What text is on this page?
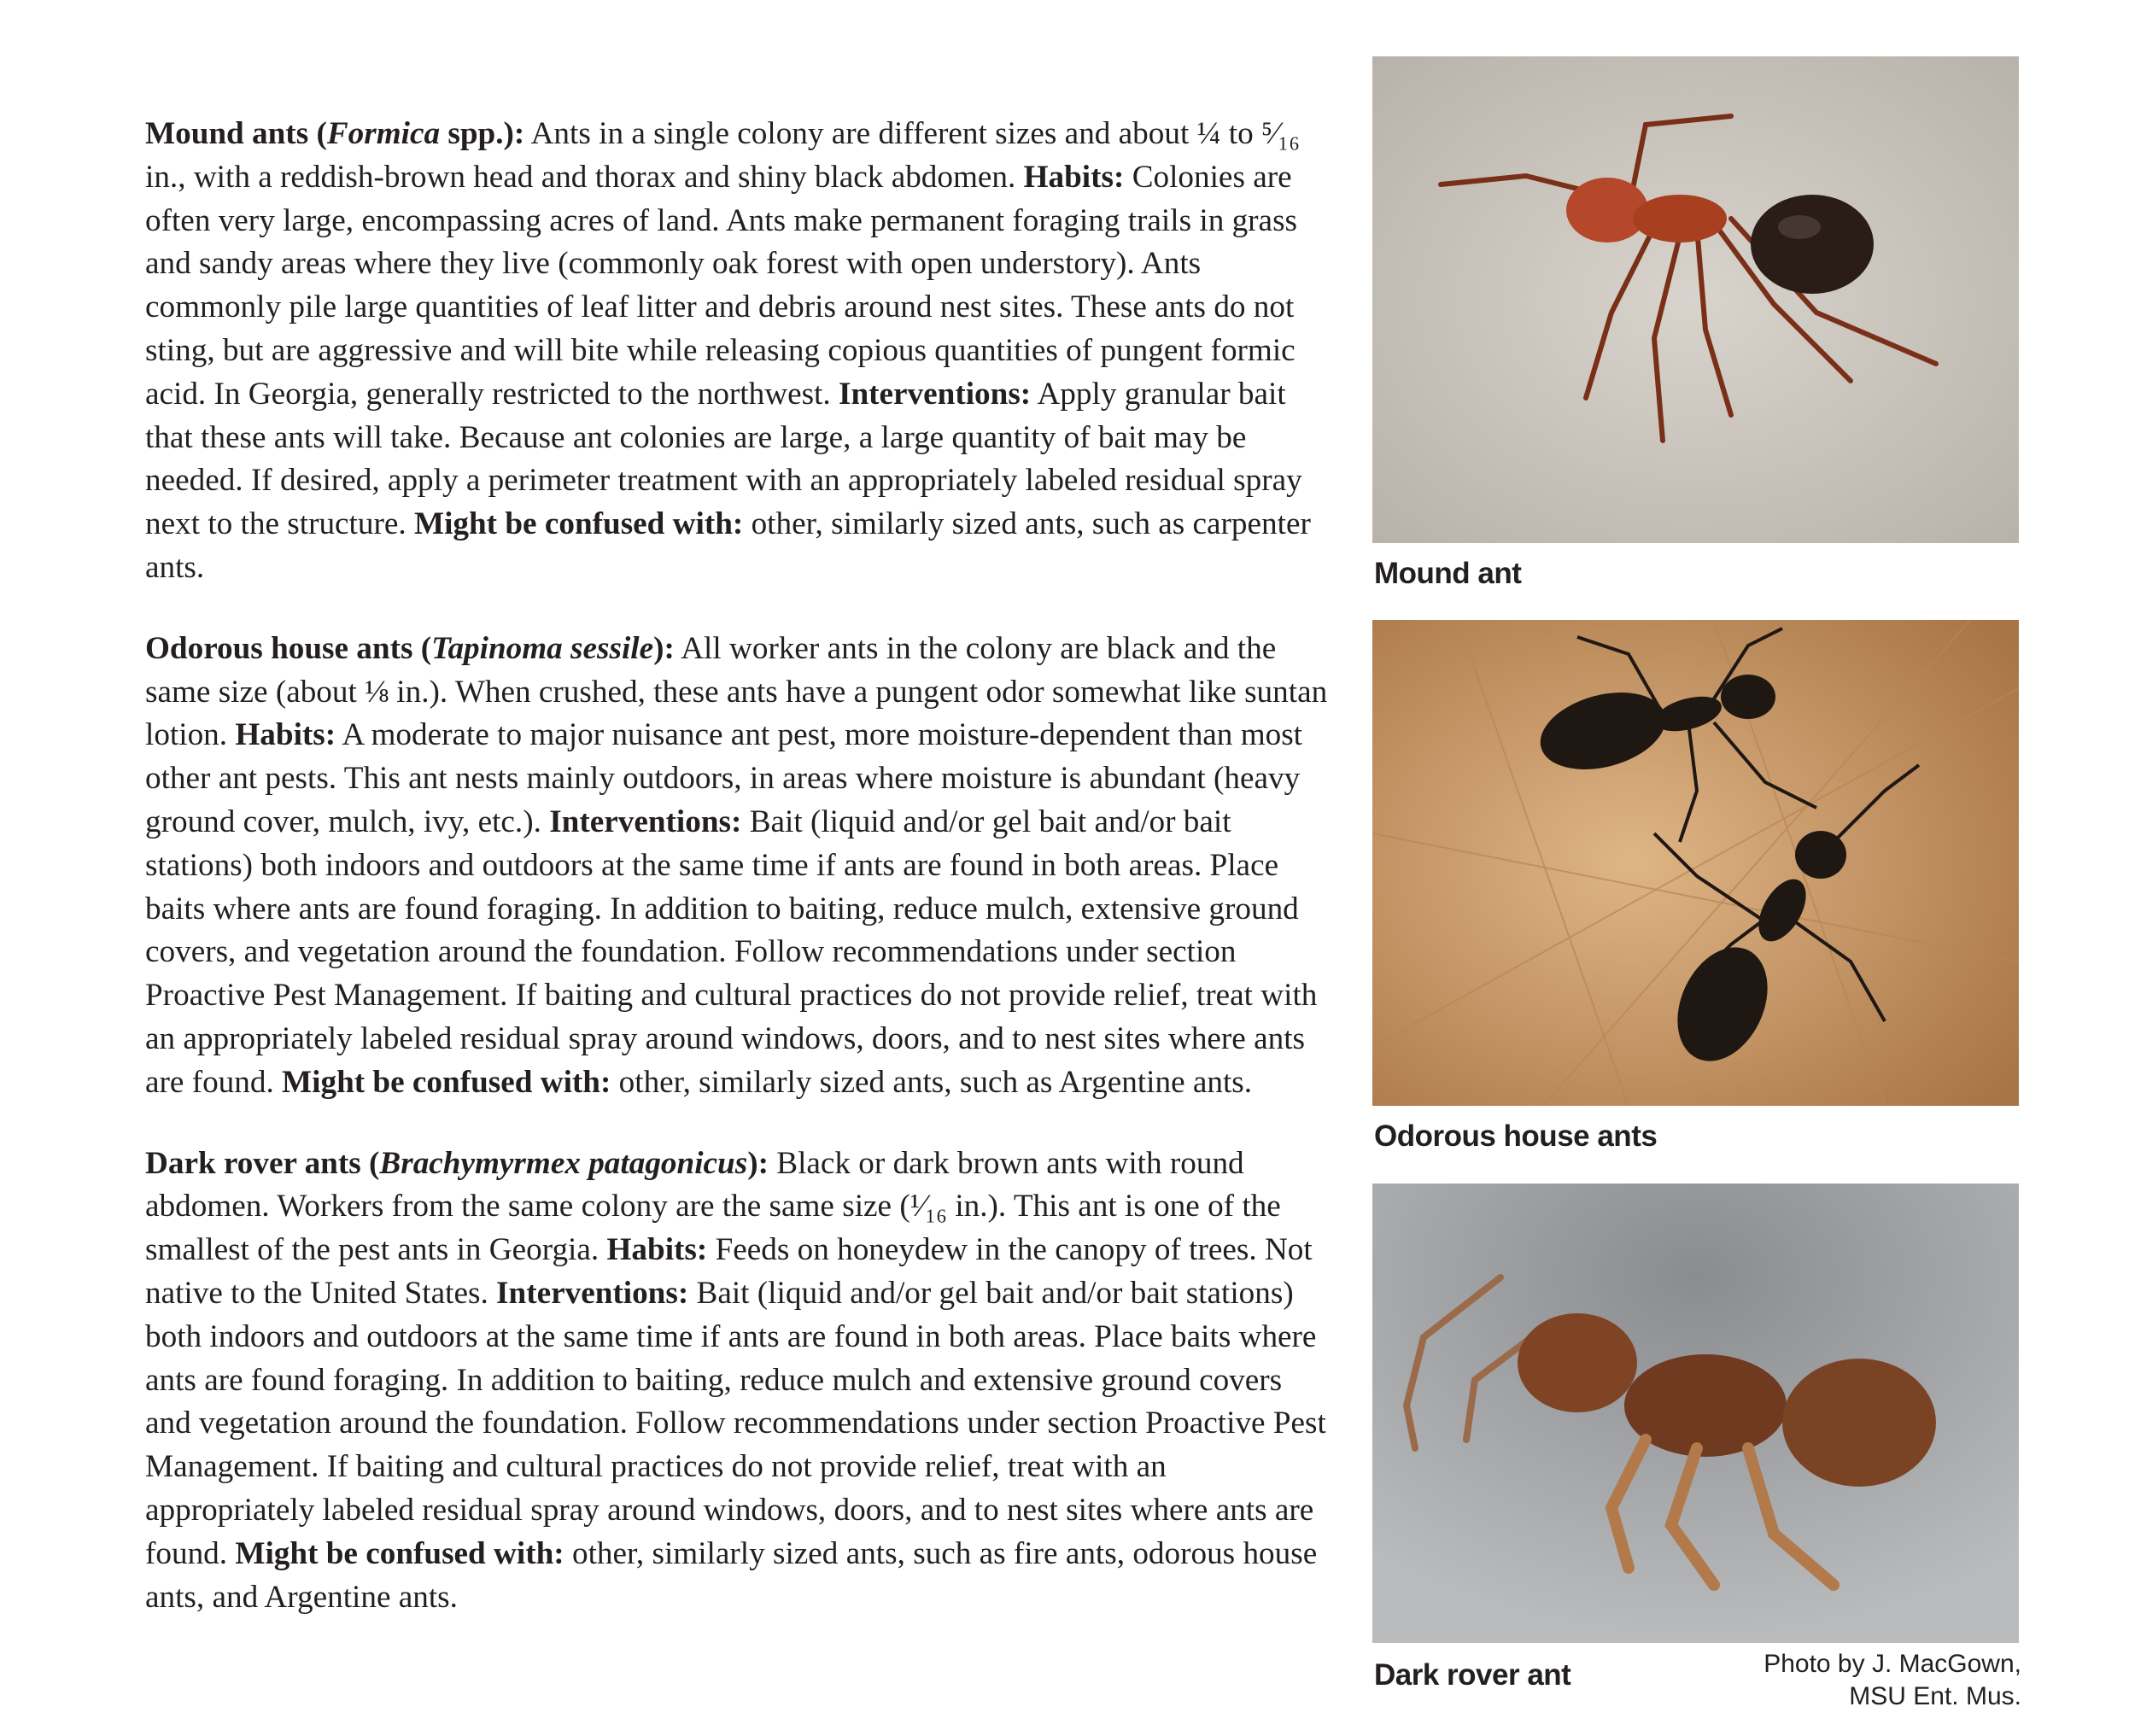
Mound ants (Formica spp.): Ants in a single colony are different sizes and about ¼ to ⁵⁄₁₆ in., with a reddish-brown head and thorax and shiny black abdomen. Habits: Colonies are often very large, encompassing acres of land. Ants make permanent foraging trails in grass and sandy areas where they live (commonly oak forest with open understory). Ants commonly pile large quantities of leaf litter and debris around nest sites. These ants do not sting, but are aggressive and will bite while releasing copious quantities of pungent formic acid. In Georgia, generally restricted to the northwest. Interventions: Apply granular bait that these ants will take. Because ant colonies are large, a large quantity of bait may be needed. If desired, apply a perimeter treatment with an appropriately labeled residual spray next to the structure. Might be confused with: other, similarly sized ants, such as carpenter ants.

Odorous house ants (Tapinoma sessile): All worker ants in the colony are black and the same size (about ⅛ in.). When crushed, these ants have a pungent odor somewhat like suntan lotion. Habits: A moderate to major nuisance ant pest, more moisture-dependent than most other ant pests. This ant nests mainly outdoors, in areas where moisture is abundant (heavy ground cover, mulch, ivy, etc.). Interventions: Bait (liquid and/or gel bait and/or bait stations) both indoors and outdoors at the same time if ants are found in both areas. Place baits where ants are found foraging. In addition to baiting, reduce mulch, extensive ground covers, and vegetation around the foundation. Follow recommendations under section Proactive Pest Management. If baiting and cultural practices do not provide relief, treat with an appropriately labeled residual spray around windows, doors, and to nest sites where ants are found. Might be confused with: other, similarly sized ants, such as Argentine ants.

Dark rover ants (Brachymyrmex patagonicus): Black or dark brown ants with round abdomen. Workers from the same colony are the same size (¹⁄₁₆ in.). This ant is one of the smallest of the pest ants in Georgia. Habits: Feeds on honeydew in the canopy of trees. Not native to the United States. Interventions: Bait (liquid and/or gel bait and/or bait stations) both indoors and outdoors at the same time if ants are found in both areas. Place baits where ants are found foraging. In addition to baiting, reduce mulch and extensive ground covers and vegetation around the foundation. Follow recommendations under section Proactive Pest Management. If baiting and cultural practices do not provide relief, treat with an appropriately labeled residual spray around windows, doors, and to nest sites where ants are found. Might be confused with: other, similarly sized ants, such as fire ants, odorous house ants, and Argentine ants.

Mound ant
Odorous house ants
Dark rover ant	Photo by J. MacGown,
MSU Ent. Mus.
